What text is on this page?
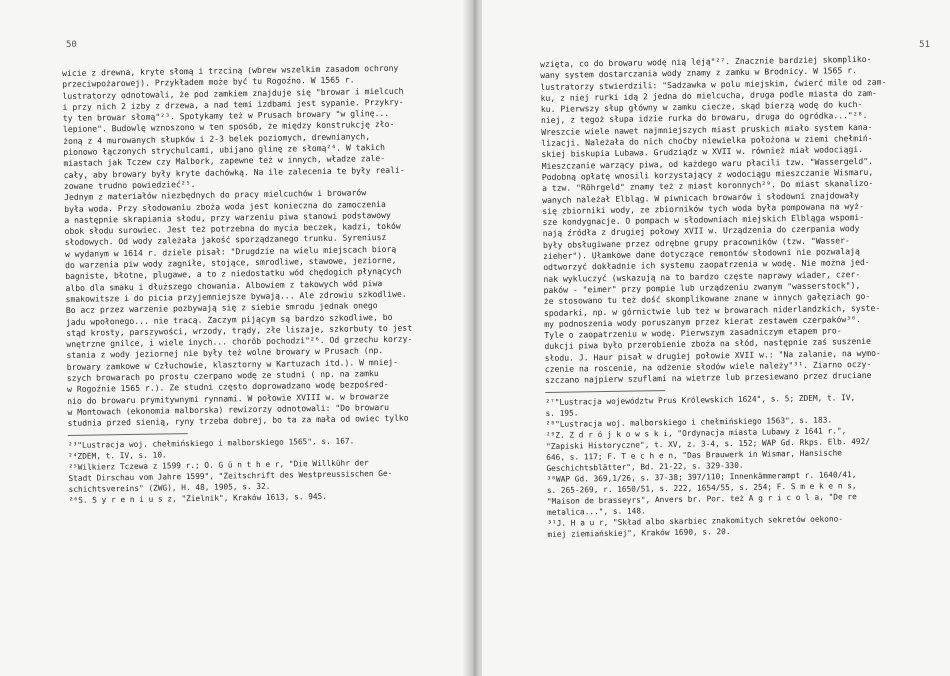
50

wicie z drewna, kryte słomą i trzciną (wbrew wszelkim zasadom ochrony

przeciwpożarowej). Przykładem może być tu Rogoźno. W 1565 r.

lustratorzy odnotowali, że pod zamkiem znajduje się "browar i mielcuch

i przy nich 2 izby z drzewa, a nad temi izdbami jest sypanie. Przykry-

ty ten browar słomą"²³. Spotykamy też w Prusach browary "w glinę...

lepione". Budowlę wznoszono w ten sposób, że między konstrukcję zło-

żoną z 4 murowanych słupków i 2-3 belek poziomych, drewnianych,

pionowo łączonych strychulcami, ubijano glinę ze słomą²⁴. W takich

miastach jak Tczew czy Malbork, zapewne też w innych, władze zale-

cały, aby browary były kryte dachówką. Na ile zalecenia te były reali-

zowane trudno powiedzieć²⁵.

Jednym z materiałów niezbędnych do pracy mielcuchów i browarów

była woda. Przy słodowaniu zboża woda jest konieczna do zamoczenia

a następnie skrapiania słodu, przy warzeniu piwa stanowi podstawowy

obok słodu surowiec. Jest też potrzebna do mycia beczek, kadzi, toków

słodowych. Od wody zależała jakość sporządzanego trunku. Syreniusz

w wydanym w 1614 r. dziele pisał: "Drugdzie na wielu miejscach biorą

do warzenia piw wody zagniłe, stojące, smrodliwe, stawowe, jeziorne,

bagniste, błotne, plugawe, a to z niedostatku wód chędogich płynących

albo dla smaku i dłuższego chowania. Albowiem z takowych wód piwa

smakowitsze i do picia przyjemniejsze bywają... Ale zdrowiu szkodliwe.

Bo acz przez warzenie pozbywają się z siebie smrodu jednak onego

jadu wpołonego... nie tracą. Zaczym pijącym są bardzo szkodliwe, bo

stąd krosty, parszywości, wrzody, trądy, złe liszaje, szkorbuty to jest

wnętrzne gnilce, i wiele inych... chorób pochodzi"²⁶. Od grzechu korzy-

stania z wody jeziornej nie były też wolne browary w Prusach (np.

browary zamkowe w Człuchowie, klasztorny w Kartuzach itd.). W mniej-

szych browarach po prostu czerpano wodę ze studni ( np. na zamku

w Rogoźnie 1565 r.). Ze studni często doprowadzano wodę bezpośred-

nio do browaru prymitywnymi rynnami. W połowie XVIII w. w browarze

w Montowach (ekonomia malborska) rewizorzy odnotowali: "Do browaru

studnia przed sienią, ryny trzeba dobrej, bo ta za mała od owiec tylko

²³"Lustracja woj. chełmińskiego i malborskiego 1565", s. 167.

²⁴ZDEM, t. IV, s. 10.

²⁵Wilkierz Tczewa z 1599 r.; O. G ü n t h e r, "Die Willkühr der

Stadt Dirschau vom Jahre 1599", "Zeitschrift des Westpreussischen Ge-

schichtsvereins" (ZWG), H. 48, 1905, s. 32.

²⁶S. S y r e n i u s z, "Zielnik", Kraków 1613, s. 945.

51

wzięta, co do browaru wodę nią leją"²⁷. Znacznie bardziej skompliko-

wany system dostarczania wody znamy z zamku w Brodnicy. W 1565 r.

lustratorzy stwierdzili: "Sadzawka w polu miejskim, ćwierć mile od zam-

ku, z niej rurki idą 2 jedna do mielcucha, druga podle miasta do zam-

ku. Pierwszy słup główny w zamku ciecze, skąd bierzą wodę do kuch-

niej, z tegoż słupa idzie rurka do browaru, druga do ogródka..."²⁸.

Wreszcie wiele nawet najmniejszych miast pruskich miało system kana-

lizacji. Należała do nich choćby niewielka położona w ziemi chełmiń-

skiej biskupia Lubawa. Grudziądz w XVII w. również miał wodociągi.

Mieszczanie warzący piwa, od każdego waru płacili tzw. "Wassergeld".

Podobną opłatę wnosili korzystający z wodociągu mieszczanie Wismaru,

a tzw. "Röhrgeld" znamy też z miast koronnych²⁹. Do miast skanalizo-

wanych należał Elbląg. W piwnicach browarów i słodowni znajdowały

się zbiorniki wody, ze zbiorników tych woda była pompowana na wyż-

sze kondygnacje. O pompach w słodowniach miejskich Elbląga wspomi-

nają źródła z drugiej połowy XVII w. Urządzenia do czerpania wody

były obsługiwane przez odrębne grupy pracowników (tzw. "Wasser-

zieher"). Ułamkowe dane dotyczące remontów słodowni nie pozwalają

odtworzyć dokładnie ich systemu zaopatrzenia w wodę. Nie można jed-

nak wykluczyć (wskazują na to bardzo częste naprawy wiader, czer-

paków - "eimer" przy pompie lub urządzeniu zwanym "wasserstock"),

że stosowano tu też dość skomplikowane znane w innych gałęziach go-

spodarki, np. w górnictwie lub też w browarach niderlandzkich, syste-

my podnoszenia wody poruszanym przez kierat zestawem czerpaków³⁰.

Tyle o zaopatrzeniu w wodę. Pierwszym zasadniczym etapem pro-

dukcji piwa było przerobienie zboża na słód, następnie zaś suszenie

słodu. J. Haur pisał w drugiej połowie XVII w.: "Na zalanie, na wymo-

czenie na roscenie, na odżenie słodów wiele należy"³¹. Ziarno oczy-

szczano najpierw szuflami na wietrze lub przesiewano przez druciane

²⁷"Lustracja województw Prus Królewskich 1624", s. 5; ZDEM, t. IV,

s. 195.

²⁸"Lustracja woj. malborskiego i chełmińskiego 1563", s. 183.

²⁹Z. Z d r ó j k o w s k i, "Ordynacja miasta Lubawy z 1641 r.",

"Zapiski Historyczne", t. XV, z. 3-4, s. 152; WAP Gd. Rkps. Elb. 492/

646, s. 117; F. T e c h e n, "Das Brauwerk in Wismar, Hansische

Geschichtsblätter", Bd. 21-22, s. 329-330.

³⁰WAP Gd. 369,1/26, s. 37-38; 397/110; Innenkämmerampt r. 1640/41,

s. 265-269, r. 1650/51, s. 222, 1654/55, s. 254; F. S m e k e n s,

"Maison de brasseyrs", Anvers br. Por. też A g r i c o l a, "De re

metalica...", s. 148.

³¹J. H a u r, "Skład albo skarbiec znakomitych sekretów oekono-

miej ziemiańskiej", Kraków 1690, s. 20.
